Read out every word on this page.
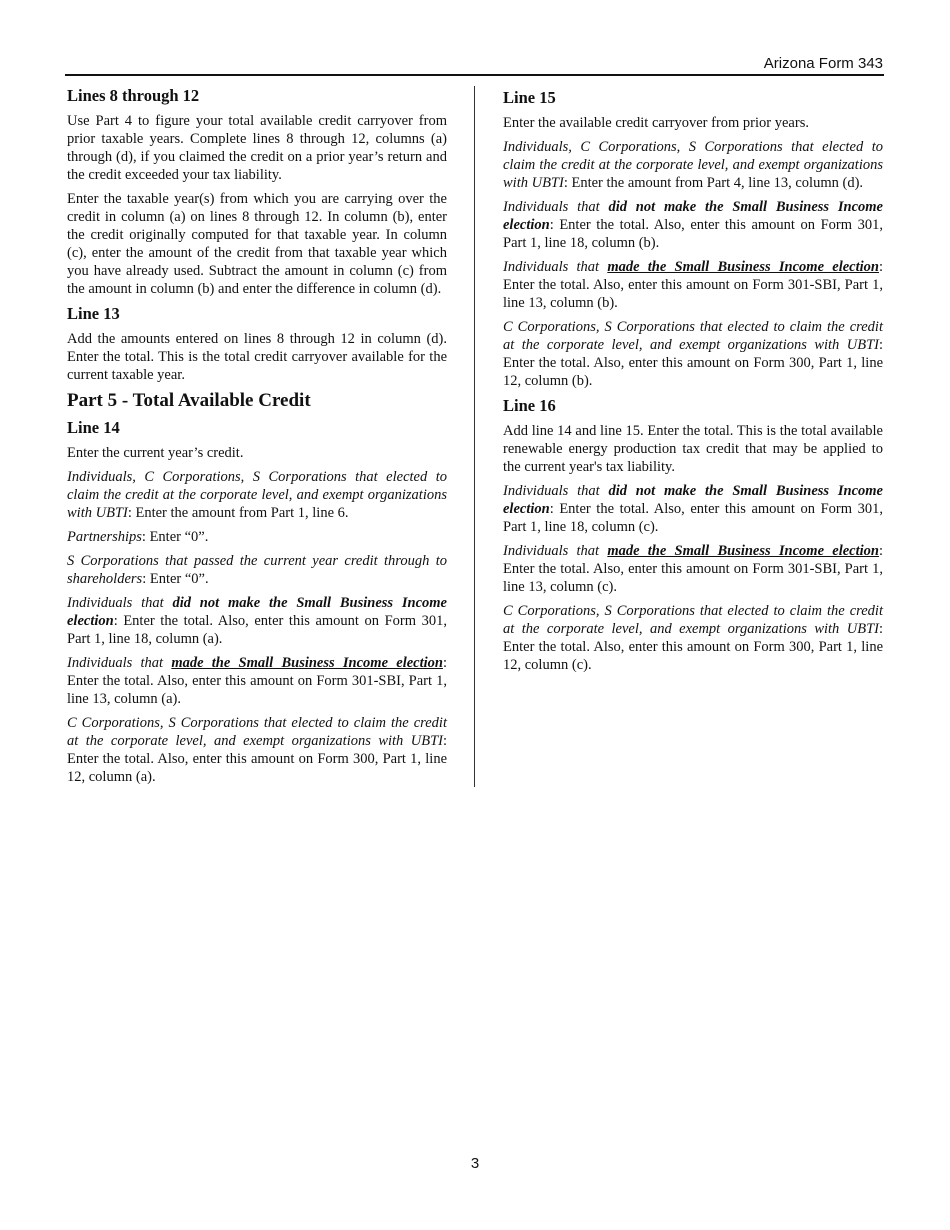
Arizona Form 343
Lines 8 through 12

Use Part 4 to figure your total available credit carryover from prior taxable years. Complete lines 8 through 12, columns (a) through (d), if you claimed the credit on a prior year’s return and the credit exceeded your tax liability.

Enter the taxable year(s) from which you are carrying over the credit in column (a) on lines 8 through 12. In column (b), enter the credit originally computed for that taxable year. In column (c), enter the amount of the credit from that taxable year which you have already used. Subtract the amount in column (c) from the amount in column (b) and enter the difference in column (d).

Line 13

Add the amounts entered on lines 8 through 12 in column (d). Enter the total. This is the total credit carryover available for the current taxable year.

Part 5 - Total Available Credit
Line 14

Enter the current year’s credit.

Individuals, C Corporations, S Corporations that elected to claim the credit at the corporate level, and exempt organizations with UBTI: Enter the amount from Part 1, line 6.

Partnerships: Enter “0”.

S Corporations that passed the current year credit through to shareholders: Enter “0”.

Individuals that did not make the Small Business Income election: Enter the total. Also, enter this amount on Form 301, Part 1, line 18, column (a).

Individuals that made the Small Business Income election: Enter the total. Also, enter this amount on Form 301-SBI, Part 1, line 13, column (a).

C Corporations, S Corporations that elected to claim the credit at the corporate level, and exempt organizations with UBTI: Enter the total. Also, enter this amount on Form 300, Part 1, line 12, column (a).

Line 15

Enter the available credit carryover from prior years.

Individuals, C Corporations, S Corporations that elected to claim the credit at the corporate level, and exempt organizations with UBTI: Enter the amount from Part 4, line 13, column (d).

Individuals that did not make the Small Business Income election: Enter the total. Also, enter this amount on Form 301, Part 1, line 18, column (b).

Individuals that made the Small Business Income election: Enter the total. Also, enter this amount on Form 301-SBI, Part 1, line 13, column (b).

C Corporations, S Corporations that elected to claim the credit at the corporate level, and exempt organizations with UBTI: Enter the total. Also, enter this amount on Form 300, Part 1, line 12, column (b).

Line 16

Add line 14 and line 15. Enter the total. This is the total available renewable energy production tax credit that may be applied to the current year's tax liability.

Individuals that did not make the Small Business Income election: Enter the total. Also, enter this amount on Form 301, Part 1, line 18, column (c).

Individuals that made the Small Business Income election: Enter the total. Also, enter this amount on Form 301-SBI, Part 1, line 13, column (c).

C Corporations, S Corporations that elected to claim the credit at the corporate level, and exempt organizations with UBTI: Enter the total. Also, enter this amount on Form 300, Part 1, line 12, column (c).

3
